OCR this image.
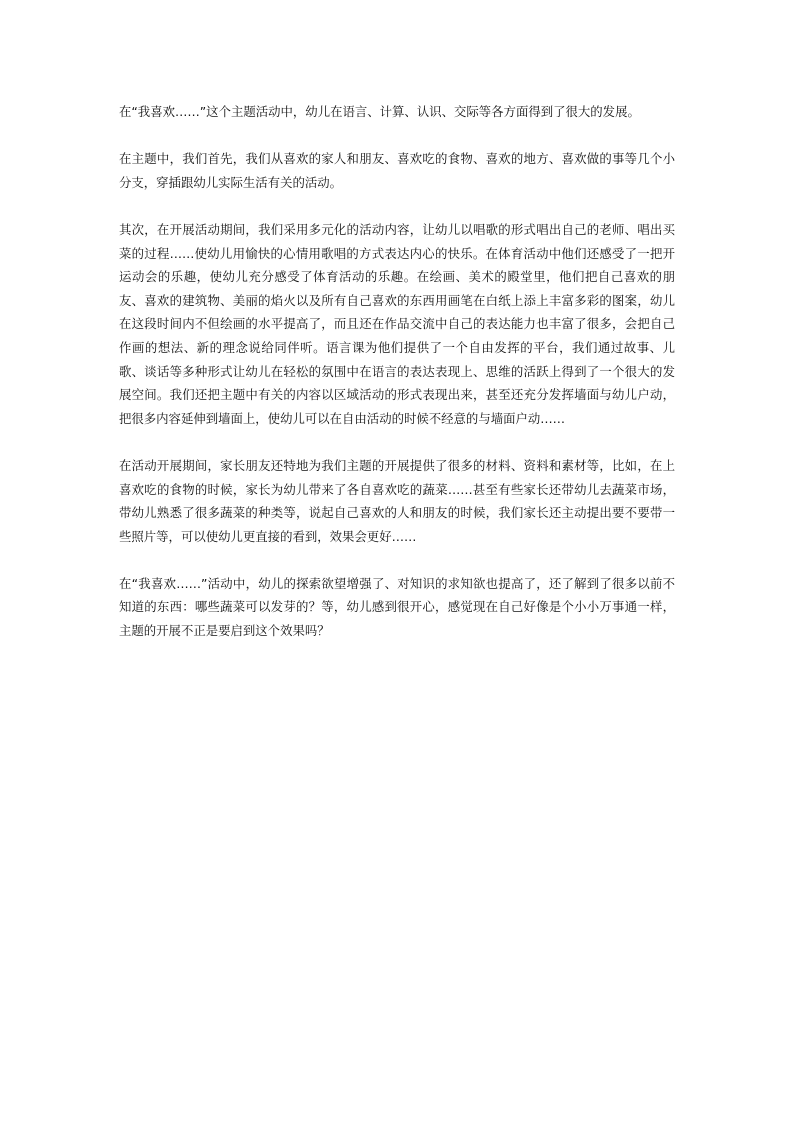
在“我喜欢……”这个主题活动中，幼儿在语言、计算、认识、交际等各方面得到了很大的发展。

在主题中，我们首先，我们从喜欢的家人和朋友、喜欢吃的食物、喜欢的地方、喜欢做的事等几个小分支，穿插跟幼儿实际生活有关的活动。

其次，在开展活动期间，我们采用多元化的活动内容，让幼儿以唱歌的形式唱出自己的老师、唱出买菜的过程……使幼儿用愉快的心情用歌唱的方式表达内心的快乐。在体育活动中他们还感受了一把开运动会的乐趣，使幼儿充分感受了体育活动的乐趣。在绘画、美术的殿堂里，他们把自己喜欢的朋友、喜欢的建筑物、美丽的焰火以及所有自己喜欢的东西用画笔在白纸上添上丰富多彩的图案，幼儿在这段时间内不但绘画的水平提高了，而且还在作品交流中自己的表达能力也丰富了很多，会把自己作画的想法、新的理念说给同伴听。语言课为他们提供了一个自由发挥的平台，我们通过故事、儿歌、谈话等多种形式让幼儿在轻松的氛围中在语言的表达表现上、思维的活跃上得到了一个很大的发展空间。我们还把主题中有关的内容以区域活动的形式表现出来，甚至还充分发挥墙面与幼儿户动，把很多内容延伸到墙面上，使幼儿可以在自由活动的时候不经意的与墙面户动……

在活动开展期间，家长朋友还特地为我们主题的开展提供了很多的材料、资料和素材等，比如，在上喜欢吃的食物的时候，家长为幼儿带来了各自喜欢吃的蔬菜……甚至有些家长还带幼儿去蔬菜市场，带幼儿熟悉了很多蔬菜的种类等，说起自己喜欢的人和朋友的时候，我们家长还主动提出要不要带一些照片等，可以使幼儿更直接的看到，效果会更好……

在“我喜欢……”活动中，幼儿的探索欲望增强了、对知识的求知欲也提高了，还了解到了很多以前不知道的东西：哪些蔬菜可以发芽的？等，幼儿感到很开心，感觉现在自己好像是个小小万事通一样，主题的开展不正是要启到这个效果吗？
